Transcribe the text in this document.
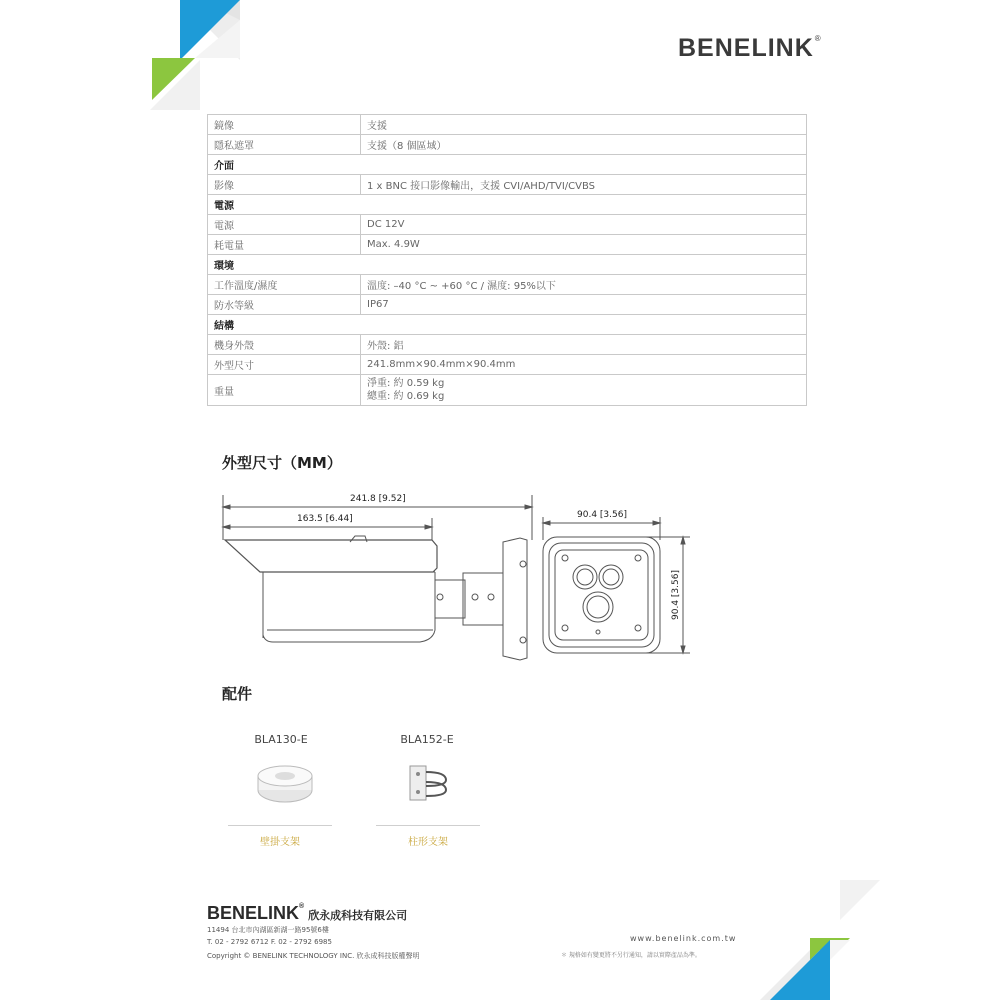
BENELINK®
鏡像	支援
隱私遮罩	支援（8 個區域）
介面	
影像	1 x BNC 接口影像輸出，支援 CVI/AHD/TVI/CVBS
電源	
電源	DC 12V
耗電量	Max. 4.9W
環境	
工作溫度/濕度	溫度: –40 °C ~ +60 °C / 濕度: 95%以下
防水等級	IP67
結構	
機身外殼	外殼: 鋁
外型尺寸	241.8mm×90.4mm×90.4mm
重量	淨重: 約 0.59 kg
總重: 約 0.69 kg
外型尺寸（MM）
241.8 [9.52]
163.5 [6.44]	90.4 [3.56]
90.4 [3.56]
配件
BLA130-E
壁掛支架
BLA152-E
柱形支架
BENELINK®欣永成科技有限公司
11494 台北市內湖區新湖一路95號6樓
T. 02 - 2792 6712 F. 02 - 2792 6985
Copyright © BENELINK TECHNOLOGY INC. 欣永成科技版權聲明
www.benelink.com.tw
＊ 規格如有變更將不另行通知，請以實際產品為準。
